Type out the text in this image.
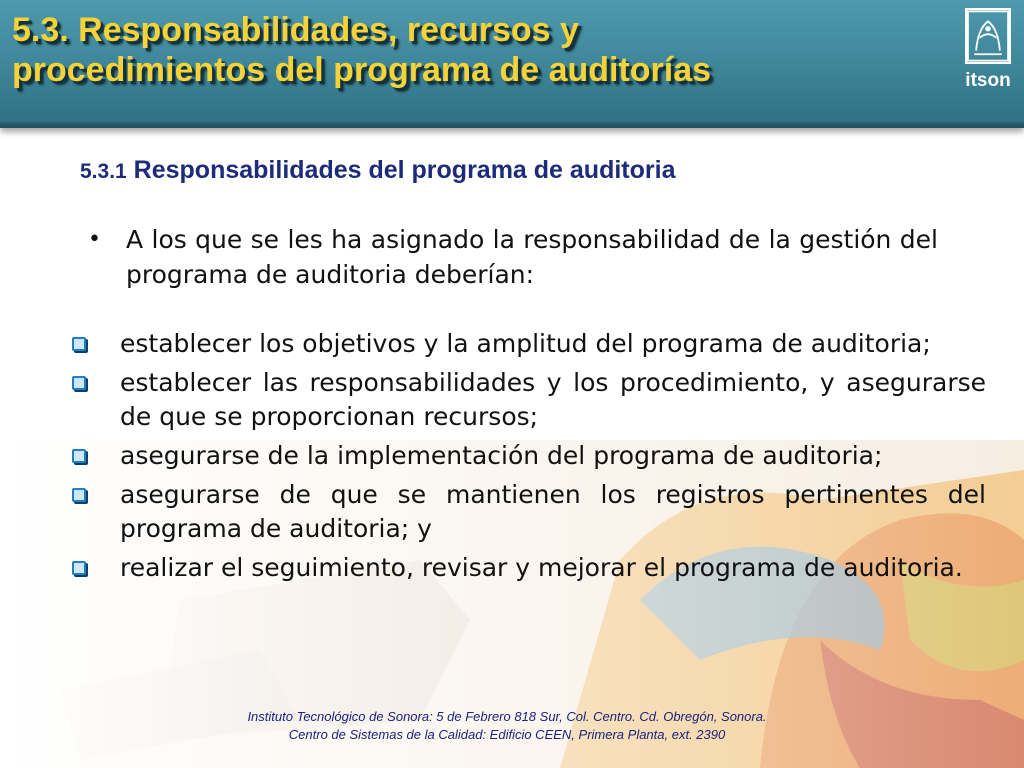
5.3. Responsabilidades, recursos y
procedimientos del programa de auditorías	itson
5.3.1 Responsabilidades del programa de auditoria
•	A los que se les ha asignado la responsabilidad de la gestión del programa de auditoria deberían:

establecer los objetivos y la amplitud del programa de auditoria;

establecer las responsabilidades y los procedimiento, y asegurarse de que se proporcionan recursos;

asegurarse de la implementación del programa de auditoria;

asegurarse de que se mantienen los registros pertinentes del programa de auditoria; y

realizar el seguimiento, revisar y mejorar el programa de auditoria.

Instituto Tecnológico de Sonora: 5 de Febrero 818 Sur, Col. Centro. Cd. Obregón, Sonora.
Centro de Sistemas de la Calidad: Edificio CEEN, Primera Planta, ext. 2390
